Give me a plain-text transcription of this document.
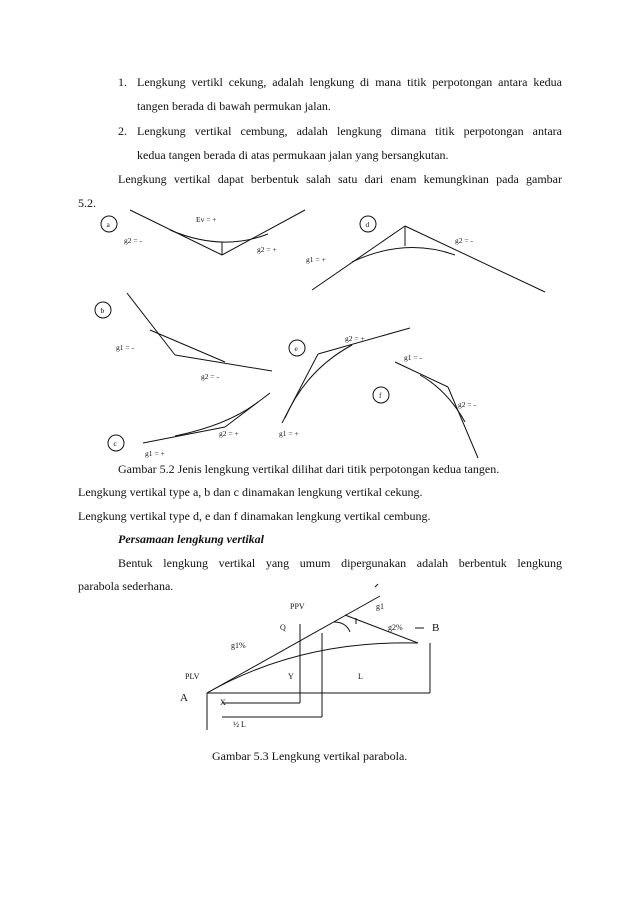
1. Lengkung vertikl cekung, adalah lengkung di mana titik perpotongan antara kedua
tangen berada di bawah permukan jalan.
2. Lengkung vertikal cembung, adalah lengkung dimana titik perpotongan antara
kedua tangen berada di atas permukaan jalan yang bersangkutan.
Lengkung vertikal dapat berbentuk salah satu dari enam kemungkinan pada gambar
5.2.
a
Ev = +
g2 = -
g2 = +
d
g2 = -
g1 = +
b
g1 = -
g2 = -
e
g2 = +
g1 = +
f
g1 = -
g2 = -
c
g2 = +
g1 = +
Gambar 5.2 Jenis lengkung vertikal dilihat dari titik perpotongan kedua tangen.
Lengkung vertikal type a, b dan c dinamakan lengkung vertikal cekung.
Lengkung vertikal type d, e dan f dinamakan lengkung vertikal cembung.
Persamaan lengkung vertikal
Bentuk lengkung vertikal yang umum dipergunakan adalah berbentuk lengkung
parabola sederhana.
PPV	g1
Q	g2%
g1%
PLV	Y	L
X
½ L
B
A
Gambar 5.3 Lengkung vertikal parabola.
